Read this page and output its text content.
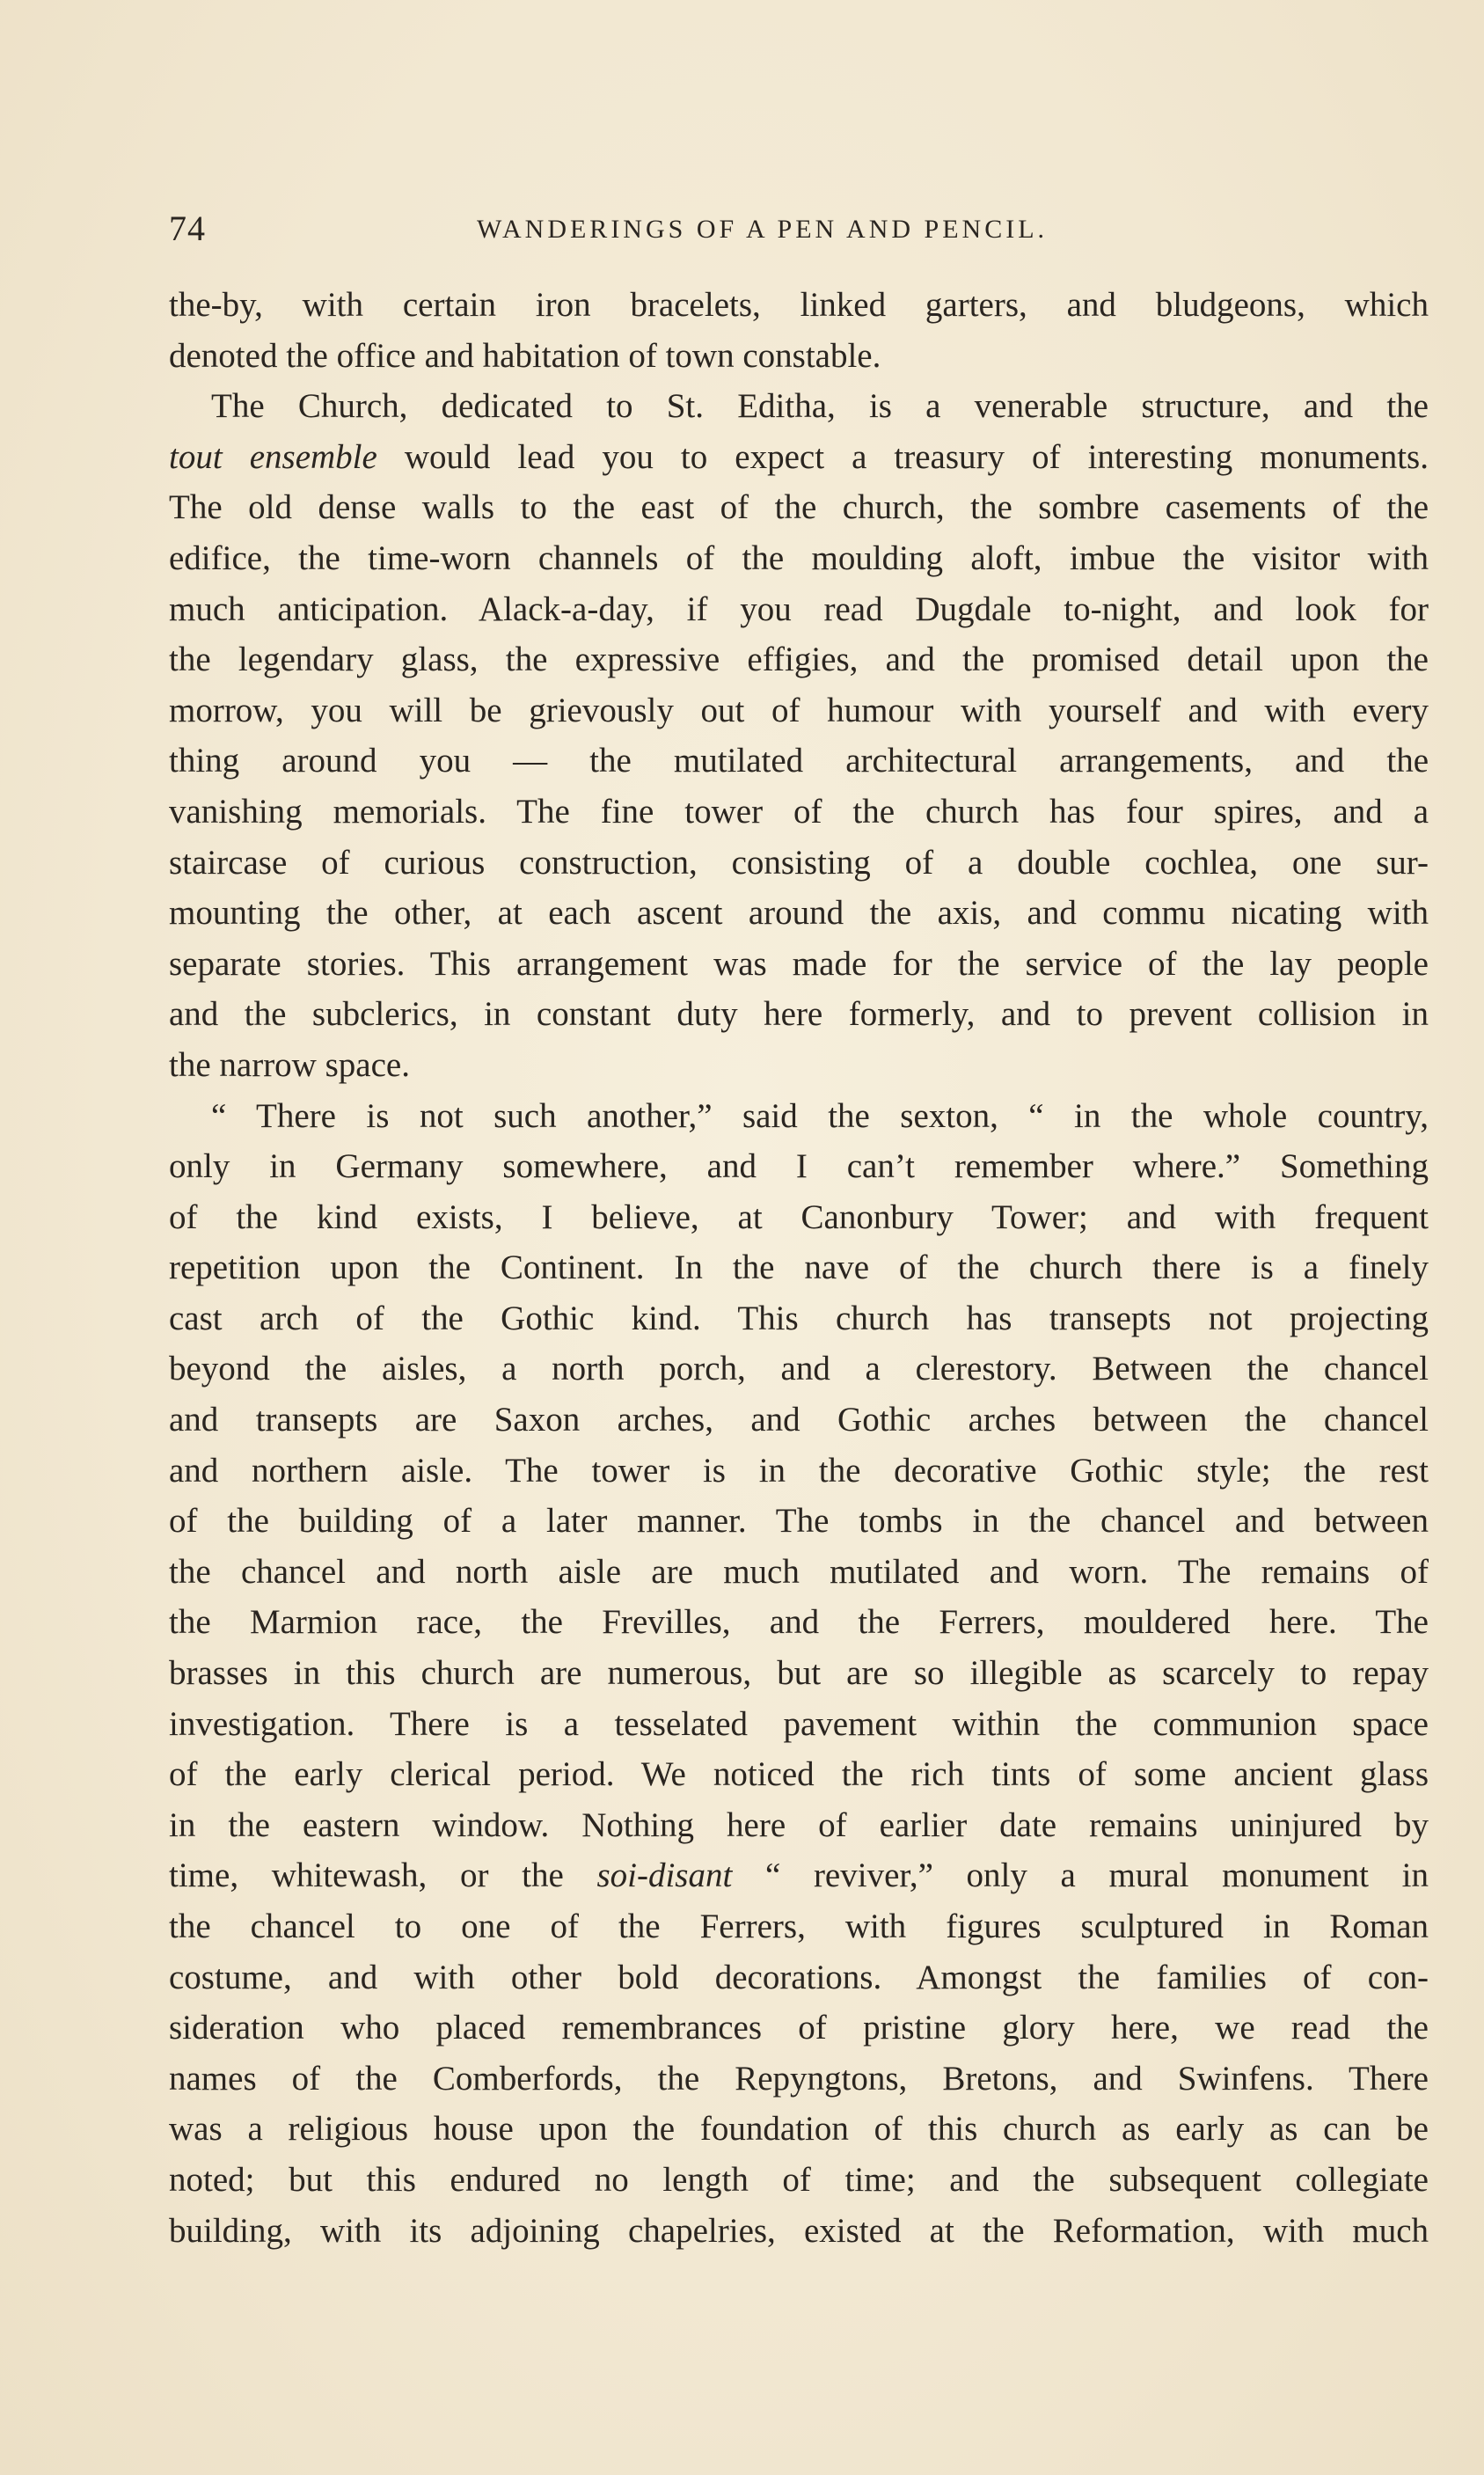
74	WANDERINGS OF A PEN AND PENCIL.
the-by, with certain iron bracelets, linked garters, and bludgeons, which
denoted the office and habitation of town constable.
The Church, dedicated to St. Editha, is a venerable structure, and the
tout ensemble would lead you to expect a treasury of interesting monuments.
The old dense walls to the east of the church, the sombre casements of the
edifice, the time-worn channels of the moulding aloft, imbue the visitor with
much anticipation. Alack-a-day, if you read Dugdale to-night, and look for
the legendary glass, the expressive effigies, and the promised detail upon the
morrow, you will be grievously out of humour with yourself and with every
thing around you — the mutilated architectural arrangements, and the
vanishing memorials. The fine tower of the church has four spires, and a
staircase of curious construction, consisting of a double cochlea, one sur-
mounting the other, at each ascent around the axis, and commu nicating with
separate stories. This arrangement was made for the service of the lay people
and the subclerics, in constant duty here formerly, and to prevent collision in
the narrow space.
“ There is not such another,” said the sexton, “ in the whole country,
only in Germany somewhere, and I can’t remember where.” Something
of the kind exists, I believe, at Canonbury Tower; and with frequent
repetition upon the Continent. In the nave of the church there is a finely
cast arch of the Gothic kind. This church has transepts not projecting
beyond the aisles, a north porch, and a clerestory. Between the chancel
and transepts are Saxon arches, and Gothic arches between the chancel
and northern aisle. The tower is in the decorative Gothic style; the rest
of the building of a later manner. The tombs in the chancel and between
the chancel and north aisle are much mutilated and worn. The remains of
the Marmion race, the Frevilles, and the Ferrers, mouldered here. The
brasses in this church are numerous, but are so illegible as scarcely to repay
investigation. There is a tesselated pavement within the communion space
of the early clerical period. We noticed the rich tints of some ancient glass
in the eastern window. Nothing here of earlier date remains uninjured by
time, whitewash, or the soi-disant “ reviver,” only a mural monument in
the chancel to one of the Ferrers, with figures sculptured in Roman
costume, and with other bold decorations. Amongst the families of con-
sideration who placed remembrances of pristine glory here, we read the
names of the Comberfords, the Repyngtons, Bretons, and Swinfens. There
was a religious house upon the foundation of this church as early as can be
noted; but this endured no length of time; and the subsequent collegiate
building, with its adjoining chapelries, existed at the Reformation, with much
